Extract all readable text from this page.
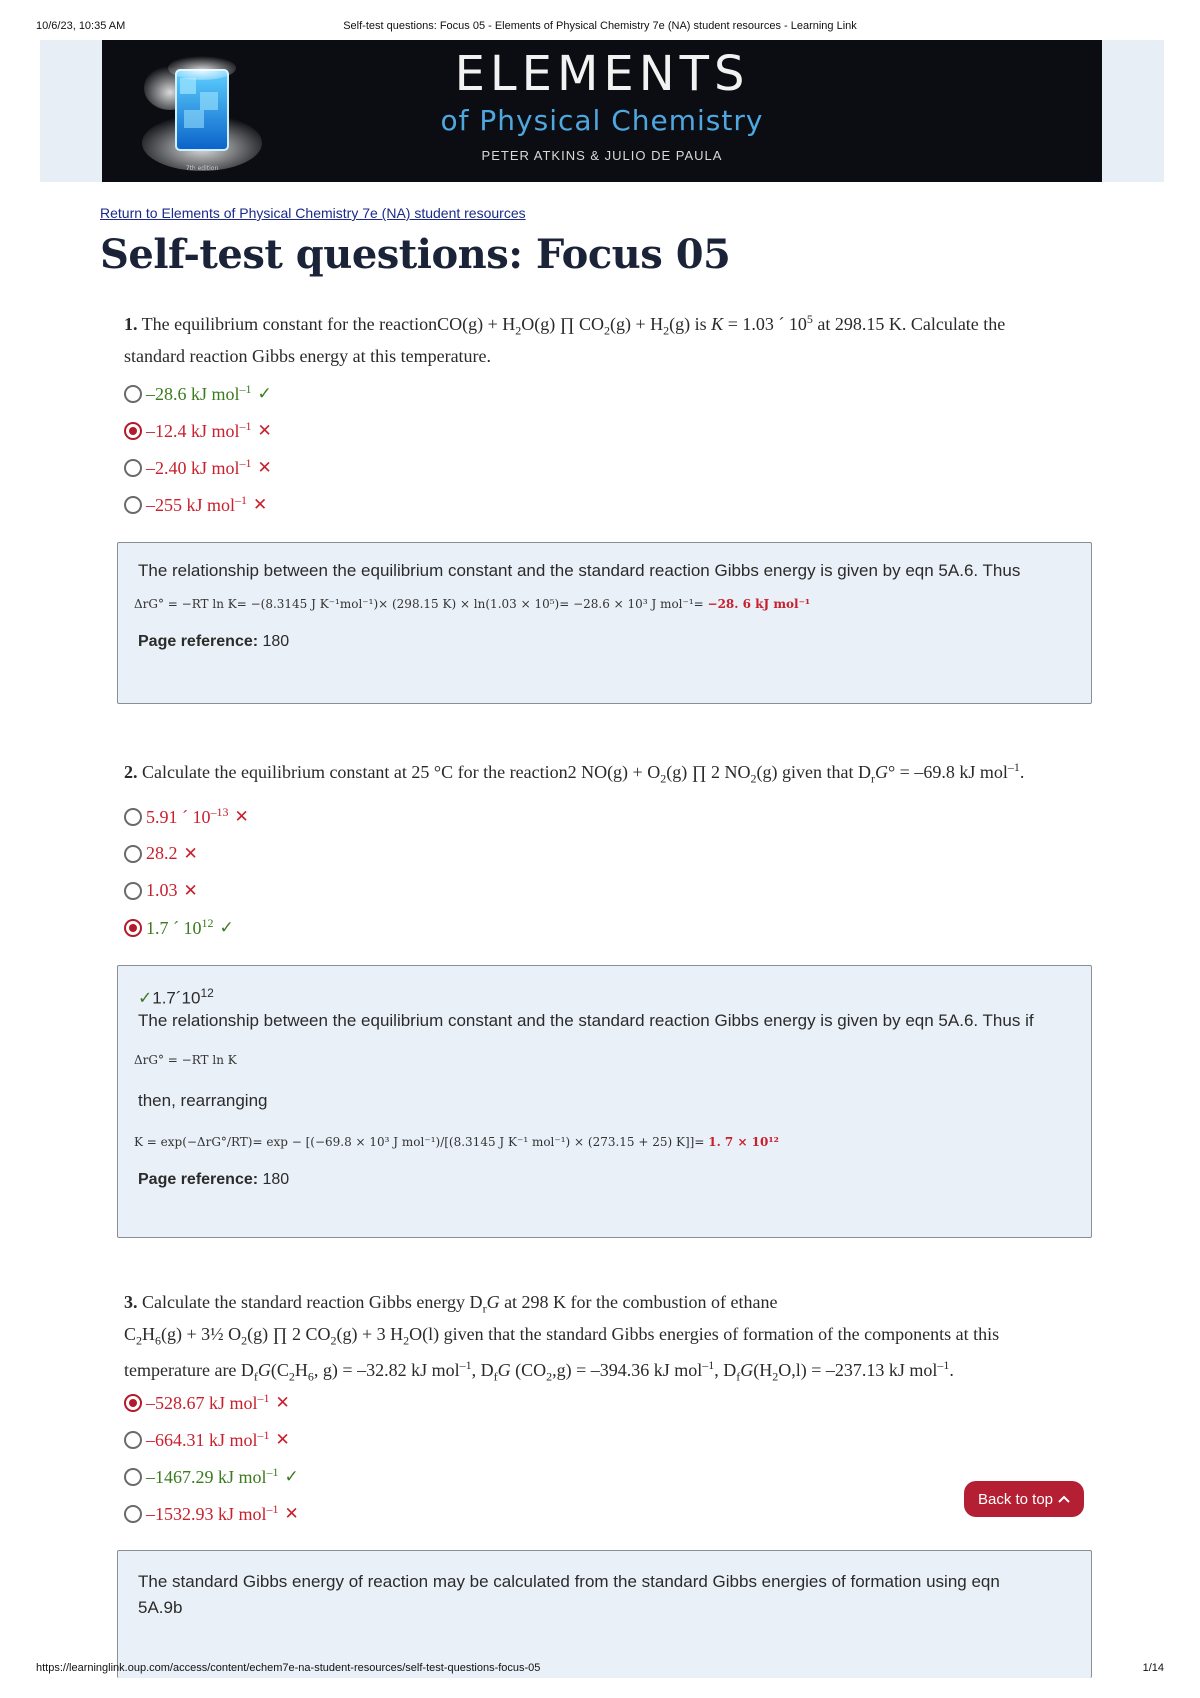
10/6/23, 10:35 AM	Self-test questions: Focus 05 - Elements of Physical Chemistry 7e (NA) student resources - Learning Link
7th edition
ELEMENTS
of Physical Chemistry
PETER ATKINS & JULIO DE PAULA
Return to Elements of Physical Chemistry 7e (NA) student resources
Self-test questions: Focus 05
1. The equilibrium constant for the reactionCO(g) + $H_2O(g)$ ∏ $CO_2(g) + H_2(g)$ is K = 1.03 ´ $10^5$ at 298.15 K. Calculate the
standard reaction Gibbs energy at this temperature.
–28.6 kJ mol$^{-1}$ ✓
–12.4 kJ mol$^{-1}$ ✕
–2.40 kJ mol$^{-1}$ ✕
–255 kJ mol$^{-1}$ ✕
The relationship between the equilibrium constant and the standard reaction Gibbs energy is given by eqn 5A.6. Thus
ΔrG° = −RT ln K= −(8.3145 J K⁻¹mol⁻¹)× (298.15 K) × ln(1.03 × 10⁵)= −28.6 × 10³ J mol⁻¹= −28. 6 kJ mol⁻¹
Page reference: 180
2. Calculate the equilibrium constant at 25 °C for the reaction2 $NO(g) + O_2(g)$ ∏ 2 $NO_2(g)$ given that $D_rG^\circ = -69.8$ kJ mol$^{-1}$.
5.91 ´ $10^{-13}$ ✕
28.2 ✕
1.03 ✕
1.7 ´ $10^{12}$ ✓
$✓1.7´10^{12}$
The relationship between the equilibrium constant and the standard reaction Gibbs energy is given by eqn 5A.6. Thus if
ΔrG° = −RT ln K
then, rearranging
K = exp(−ΔrG°/RT)= exp − [(−69.8 × 10³ J mol⁻¹)/[(8.3145 J K⁻¹ mol⁻¹) × (273.15 + 25) K]]= 1. 7 × 10¹²
Page reference: 180
3. Calculate the standard reaction Gibbs energy $D_rG$ at 298 K for the combustion of ethane
$C_2H_6(g)$ + 3½ $O_2(g)$ ∏ 2 $CO_2(g) + 3$ $H_2O(l)$ given that the standard Gibbs energies of formation of the components at this
temperature are $D_fG(C_2H_6$, g) = –32.82 kJ mol$^{-1}$, $D_fG$ $(CO_2,g) = -394.36$ kJ mol$^{-1}$, $D_fG(H_2O,l) = -237.13$ kJ mol$^{-1}$.
–528.67 kJ mol$^{-1}$ ✕
–664.31 kJ mol$^{-1}$ ✕
–1467.29 kJ mol$^{-1}$ ✓
–1532.93 kJ mol$^{-1}$ ✕
Back to top
The standard Gibbs energy of reaction may be calculated from the standard Gibbs energies of formation using eqn 5A.9b
https://learninglink.oup.com/access/content/echem7e-na-student-resources/self-test-questions-focus-05	1/14
